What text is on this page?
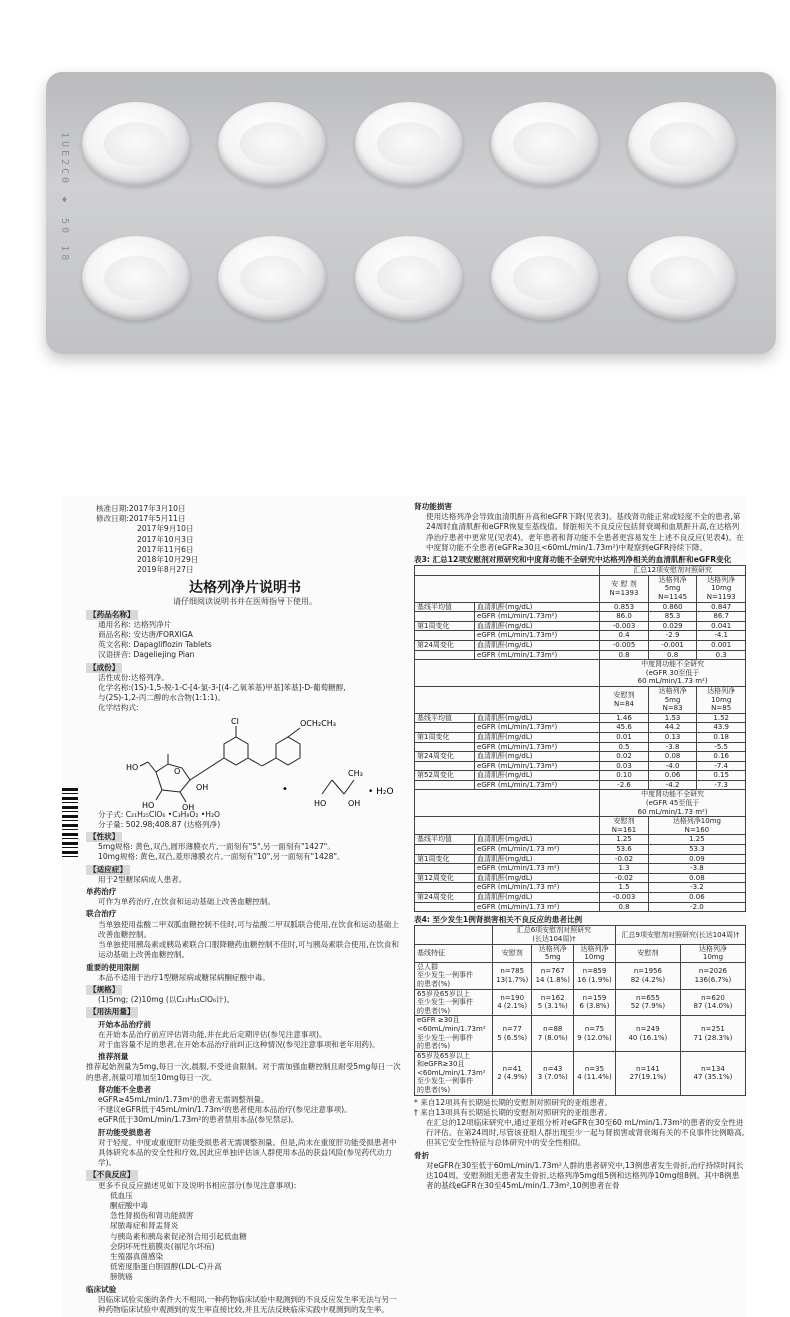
1UE2C0 ♦ 50 18
核准日期:2017年3月10日
修改日期:2017年5月11日
2017年9月10日
2017年10月3日
2017年11月6日
2018年10月29日
2019年8月27日
达格列净片说明书
请仔细阅读说明书并在医师指导下使用。
【药品名称】
通用名称: 达格列净片
商品名称: 安达唐/FORXIGA
英文名称: Dapagliflozin Tablets
汉语拼音: Dageliejing Pian
【成份】
活性成份:达格列净。
化学名称:(1S)-1,5-脱-1-C-[4-氯-3-[(4-乙氧苯基)甲基]苯基]-D-葡萄糖醇,
与(2S)-1,2-丙二醇的水合物(1:1:1)。
化学结构式:
O
Cl	OCH₂CH₃
HO
HO	OH
OH	•
HO	OH
CH₃
• H₂O
分子式: C₂₁H₂₅ClO₆ •C₃H₈O₂ •H₂O
分子量: 502.98;408.87 (达格列净)
【性状】
5mg规格: 黄色,双凸,圆形薄膜衣片,一面刻有"5",另一面刻有"1427"。
10mg规格: 黄色,双凸,菱形薄膜衣片,一面刻有"10",另一面刻有"1428"。
【适应症】
用于2型糖尿病成人患者。
单药治疗
可作为单药治疗,在饮食和运动基础上改善血糖控制。
联合治疗
当单独使用盐酸二甲双胍血糖控制不佳时,可与盐酸二甲双胍联合使用,在饮食和运动基础上改善血糖控制。
当单独使用胰岛素或胰岛素联合口服降糖药血糖控制不佳时,可与胰岛素联合使用,在饮食和运动基础上改善血糖控制。
重要的使用限制
本品不适用于治疗1型糖尿病或糖尿病酮症酸中毒。
【规格】
(1)5mg; (2)10mg (以C₂₁H₂₅ClO₆计)。
【用法用量】
开始本品治疗前
在开始本品治疗前应评估肾功能,并在此后定期评估(参见注意事项)。
对于血容量不足的患者,在开始本品治疗前纠正这种情况(参见注意事项和老年用药)。
推荐剂量
推荐起始剂量为5mg,每日一次,晨服,不受进食限制。对于需加强血糖控制且耐受5mg每日一次的患者,剂量可增加至10mg每日一次。
肾功能不全患者
eGFR≥45mL/min/1.73m²的患者无需调整剂量。
不建议eGFR低于45mL/min/1.73m²的患者使用本品治疗(参见注意事项)。
eGFR低于30mL/min/1.73m²的患者禁用本品(参见禁忌)。
肝功能受损患者
对于轻度、中度或重度肝功能受损患者无需调整剂量。但是,尚未在重度肝功能受损患者中具体研究本品的安全性和疗效,因此应单独评估该人群使用本品的获益风险(参见药代动力学)。
【不良反应】
更多不良反应描述见如下及说明书相应部分(参见注意事项):
低血压
酮症酸中毒
急性肾损伤和肾功能损害
尿脓毒症和肾盂肾炎
与胰岛素和胰岛素促泌剂合用引起低血糖
会阴坏死性筋膜炎(福尼尔坏疽)
生殖器真菌感染
低密度脂蛋白胆固醇(LDL-C)升高
膀胱癌
临床试验
因临床试验实施的条件大不相同,一种药物临床试验中观测到的不良反应发生率无法与另一种药物临床试验中观测到的发生率直接比较,并且无法反映临床实践中观测到的发生率。
肾功能损害
使用达格列净会导致血清肌酐升高和eGFR下降(见表3)。基线肾功能正常或轻度不全的患者,第24周时血清肌酐和eGFR恢复至基线值。肾脏相关不良反应包括肾衰竭和血肌酐升高,在达格列净治疗患者中更常见(见表4)。老年患者和肾功能不全患者更容易发生上述不良反应(见表4)。在中度肾功能不全患者(eGFR≥30且<60mL/min/1.73m²)中观察到eGFR持续下降。
表3: 汇总12项安慰剂对照研究和中度肾功能不全研究中达格列净相关的血清肌酐和eGFR变化
		汇总12项安慰剂对照研究		
		安 慰 剂
N=1393	达格列净
5mg
N=1145	达格列净
10mg
N=1193
基线平均值	血清肌酐(mg/dL)	0.853	0.860	0.847
	eGFR (mL/min/1.73m²)	86.0	85.3	86.7
第1周变化	血清肌酐(mg/dL)	-0.003	0.029	0.041
	eGFR (mL/min/1.73m²)	0.4	-2.9	-4.1
第24周变化	血清肌酐(mg/dL)	-0.005	-0.001	0.001
	eGFR (mL/min/1.73m²)	0.8	0.8	0.3
		中度肾功能不全研究
(eGFR 30至低于
60 mL/min/1.73 m²)		
		安慰剂
N=84	达格列净
5mg
N=83	达格列净
10mg
N=85
基线平均值	血清肌酐(mg/dL)	1.46	1.53	1.52
	eGFR (mL/min/1.73m²)	45.6	44.2	43.9
第1周变化	血清肌酐(mg/dL)	0.01	0.13	0.18
	eGFR (mL/min/1.73m²)	0.5	-3.8	-5.5
第24周变化	血清肌酐(mg/dL)	0.02	0.08	0.16
	eGFR (mL/min/1.73m²)	0.03	-4.0	-7.4
第52周变化	血清肌酐(mg/dL)	0.10	0.06	0.15
	eGFR (mL/min/1.73m²)	-2.6	-4.2	-7.3
		中度肾功能不全研究
(eGFR 45至低于
60 mL/min/1.73 m²)		
		安慰剂
N=161	达格列净10mg
N=160	
基线平均值	血清肌酐(mg/dL)	1.25	1.25	
	eGFR (mL/min/1.73 m²)	53.6	53.3	
第1周变化	血清肌酐(mg/dL)	-0.02	0.09	
	eGFR (mL/min/1.73 m²)	1.3	-3.8	
第12周变化	血清肌酐(mg/dL)	-0.02	0.08	
	eGFR (mL/min/1.73 m²)	1.5	-3.2	
第24周变化	血清肌酐(mg/dL)	-0.003	0.06	
	eGFR (mL/min/1.73 m²)	0.8	-2.0	
表4: 至少发生1例肾损害相关不良反应的患者比例
	汇总6项安慰剂对照研究
(长达104周)†			汇总9项安慰剂对照研究(长达104周)†	
基线特征	安慰剂	达格列净
5mg	达格列净
10mg	安慰剂	达格列净
10mg
总人群
至少发生一例事件
的患者(%)	n=785
13(1.7%)	n=767
14 (1.8%)	n=859
16 (1.9%)	n=1956
82 (4.2%)	n=2026
136(6.7%)
65岁及65岁以上
至少发生一例事件
的患者(%)	n=190
4 (2.1%)	n=162
5 (3.1%)	n=159
6 (3.8%)	n=655
52 (7.9%)	n=620
87 (14.0%)
eGFR ≥30且
<60mL/min/1.73m²
至少发生一例事件
的患者(%)	n=77
5 (6.5%)	n=88
7 (8.0%)	n=75
9 (12.0%)	n=249
40 (16.1%)	n=251
71 (28.3%)
65岁及65岁以上
和eGFR≥30且
<60mL/min/1.73m²
至少发生一例事件
的患者(%)	n=41
2 (4.9%)	n=43
3 (7.0%)	n=35
4 (11.4%)	n=141
27(19.1%)	n=134
47 (35.1%)
* 来自12项具有长期延长期的安慰剂对照研究的亚组患者。
† 来自13项具有长期延长期的安慰剂对照研究的亚组患者。
在汇总的12项临床研究中,通过亚组分析对eGFR在30至60 mL/min/1.73m²的患者的安全性进行评估。在第24周时,尽管该亚组人群出现至少一起与肾损害或肾衰竭有关的不良事件比例略高,但其它安全性特征与总体研究中的安全性相似。
骨折
对eGFR在30至低于60mL/min/1.73m²人群的患者研究中,13例患者发生骨折,治疗持续时间长达104周。安慰剂组无患者发生骨折,达格列净5mg组5例和达格列净10mg组8例。其中8例患者的基线eGFR在30至45mL/min/1.73m²,10例患者在骨
